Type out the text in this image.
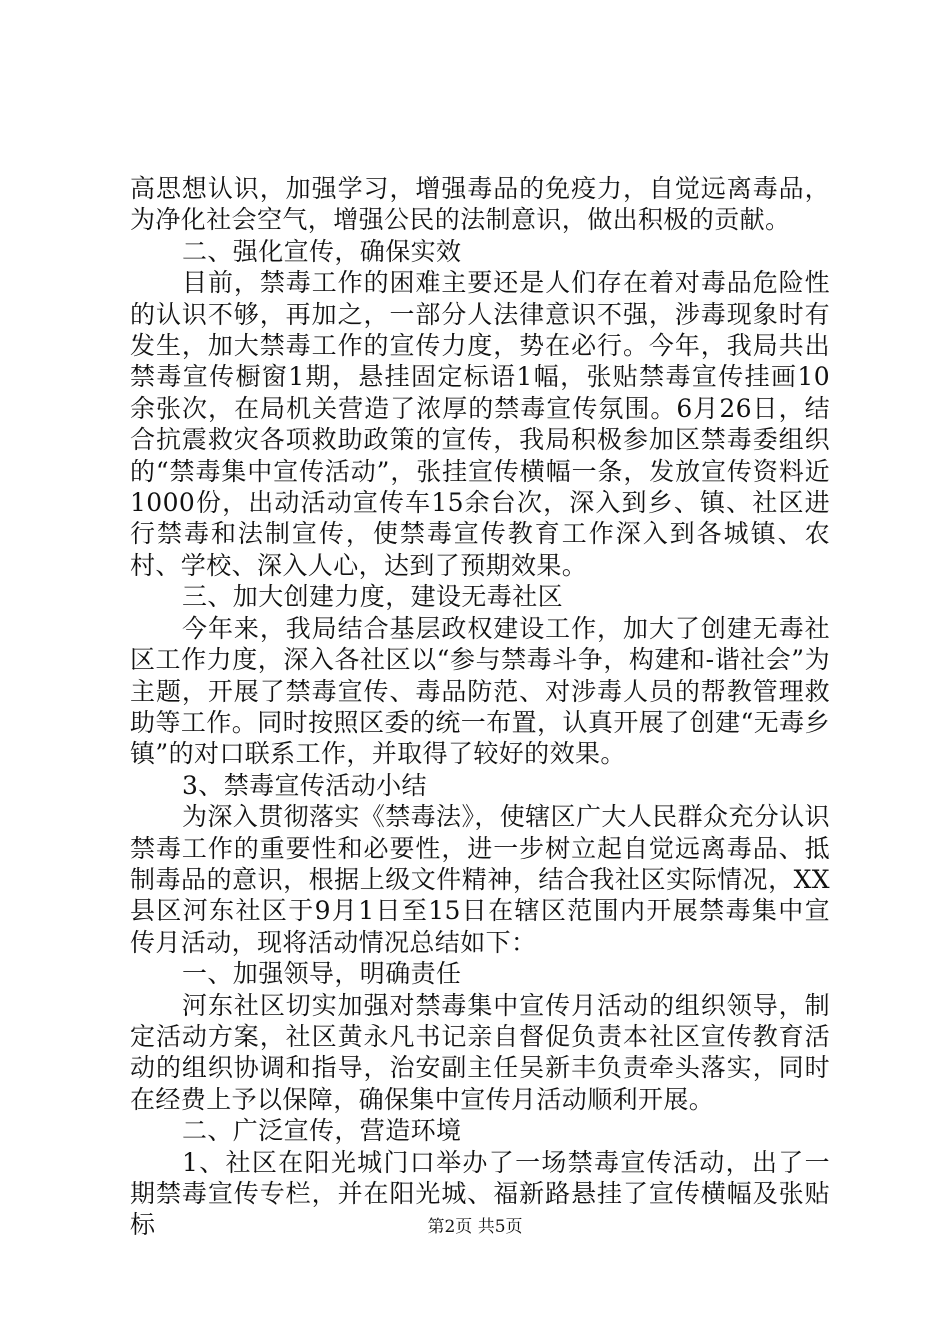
高思想认识，加强学习，增强毒品的免疫力，自觉远离毒品，为净化社会空气，增强公民的法制意识，做出积极的贡献。

二、强化宣传，确保实效

目前，禁毒工作的困难主要还是人们存在着对毒品危险性的认识不够，再加之，一部分人法律意识不强，涉毒现象时有发生，加大禁毒工作的宣传力度，势在必行。今年，我局共出禁毒宣传橱窗1期，悬挂固定标语1幅，张贴禁毒宣传挂画10余张次，在局机关营造了浓厚的禁毒宣传氛围。6月26日，结合抗震救灾各项救助政策的宣传，我局积极参加区禁毒委组织的“禁毒集中宣传活动”，张挂宣传横幅一条，发放宣传资料近1000份，出动活动宣传车15余台次，深入到乡、镇、社区进行禁毒和法制宣传，使禁毒宣传教育工作深入到各城镇、农村、学校、深入人心，达到了预期效果。

三、加大创建力度，建设无毒社区

今年来，我局结合基层政权建设工作，加大了创建无毒社区工作力度，深入各社区以“参与禁毒斗争，构建和-谐社会”为主题，开展了禁毒宣传、毒品防范、对涉毒人员的帮教管理救助等工作。同时按照区委的统一布置，认真开展了创建“无毒乡镇”的对口联系工作，并取得了较好的效果。

3、禁毒宣传活动小结

为深入贯彻落实《禁毒法》，使辖区广大人民群众充分认识禁毒工作的重要性和必要性，进一步树立起自觉远离毒品、抵制毒品的意识，根据上级文件精神，结合我社区实际情况，XX县区河东社区于9月1日至15日在辖区范围内开展禁毒集中宣传月活动，现将活动情况总结如下：

一、加强领导，明确责任

河东社区切实加强对禁毒集中宣传月活动的组织领导，制定活动方案，社区黄永凡书记亲自督促负责本社区宣传教育活动的组织协调和指导，治安副主任吴新丰负责牵头落实，同时在经费上予以保障，确保集中宣传月活动顺利开展。

二、广泛宣传，营造环境

1、社区在阳光城门口举办了一场禁毒宣传活动，出了一期禁毒宣传专栏，并在阳光城、福新路悬挂了宣传横幅及张贴标	第2页 共5页
